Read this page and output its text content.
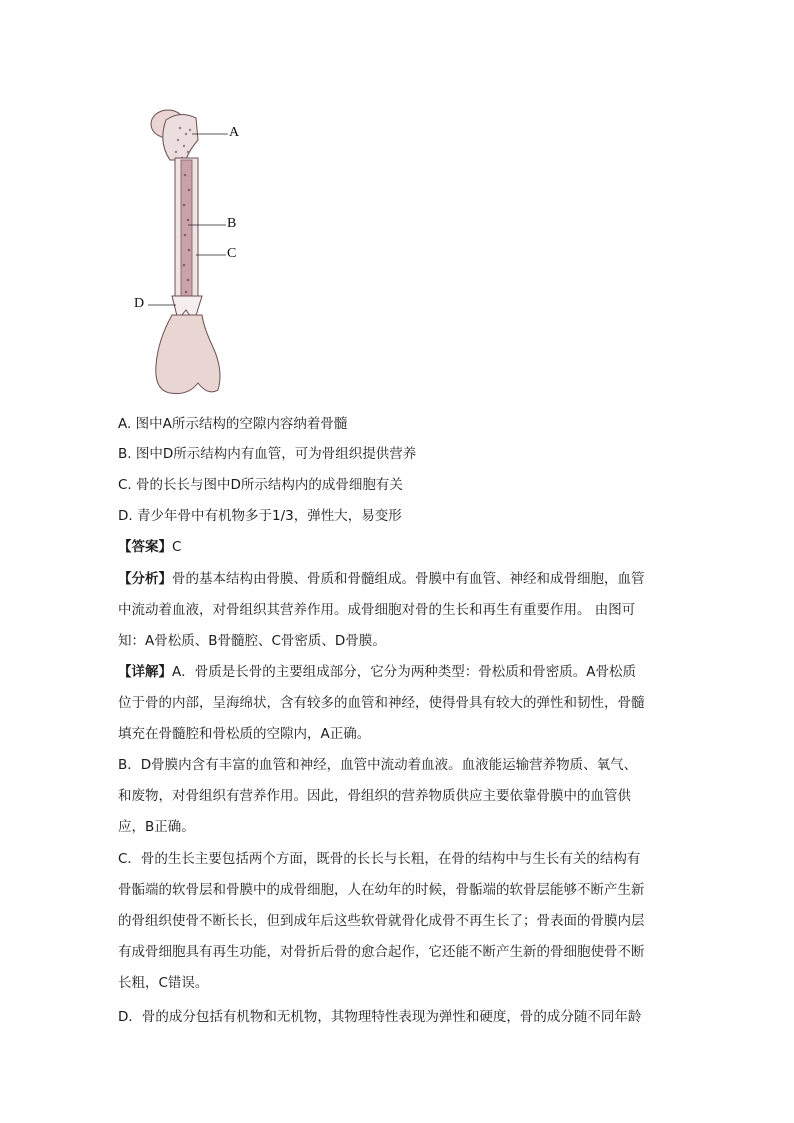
A
B
C
D
A. 图中A所示结构的空隙内容纳着骨髓
B. 图中D所示结构内有血管，可为骨组织提供营养
C. 骨的长长与图中D所示结构内的成骨细胞有关
D. 青少年骨中有机物多于1/3，弹性大，易变形
【答案】C
【分析】骨的基本结构由骨膜、骨质和骨髓组成。骨膜中有血管、神经和成骨细胞，血管
中流动着血液，对骨组织其营养作用。成骨细胞对骨的生长和再生有重要作用。 由图可
知：A骨松质、B骨髓腔、C骨密质、D骨膜。
【详解】A．骨质是长骨的主要组成部分，它分为两种类型：骨松质和骨密质。A骨松质
位于骨的内部，呈海绵状，含有较多的血管和神经，使得骨具有较大的弹性和韧性，骨髓
填充在骨髓腔和骨松质的空隙内，A正确。
B．D骨膜内含有丰富的血管和神经，血管中流动着血液。血液能运输营养物质、氧气、
和废物，对骨组织有营养作用。因此，骨组织的营养物质供应主要依靠骨膜中的血管供
应，B正确。
C．骨的生长主要包括两个方面，既骨的长长与长粗，在骨的结构中与生长有关的结构有
骨骺端的软骨层和骨膜中的成骨细胞，人在幼年的时候，骨骺端的软骨层能够不断产生新
的骨组织使骨不断长长，但到成年后这些软骨就骨化成骨不再生长了；骨表面的骨膜内层
有成骨细胞具有再生功能，对骨折后骨的愈合起作，它还能不断产生新的骨细胞使骨不断
长粗，C错误。
D．骨的成分包括有机物和无机物，其物理特性表现为弹性和硬度，骨的成分随不同年龄
